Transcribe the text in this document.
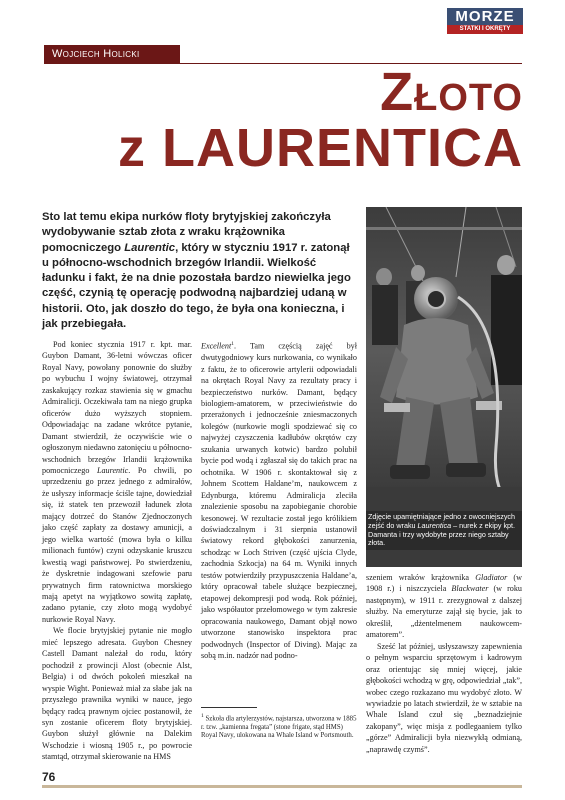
MORZE
STATKI I OKRĘTY
Wojciech Holicki
Złoto
z LAURENTICA
Sto lat temu ekipa nurków floty brytyjskiej zakończyła wydobywanie sztab złota z wraku krążownika pomocniczego Laurentic, który w styczniu 1917 r. zatonął u północno-wschodnich brzegów Irlandii. Wielkość ładunku i fakt, że na dnie pozostała bardzo niewielka jego część, czynią tę operację podwodną najbardziej udaną w historii. Oto, jak doszło do tego, że była ona konieczna, i jak przebiegała.
Zdjęcie upamiętniające jedno z owocniejszych zejść do wraku Laurentica – nurek z ekipy kpt. Damanta i trzy wydobyte przez niego sztaby złota.

Pod koniec stycznia 1917 r. kpt. mar. Guybon Damant, 36-letni wówczas oficer Royal Navy, powołany ponownie do służby po wybuchu I wojny światowej, otrzymał zaskakujący rozkaz stawienia się w gmachu Admiralicji. Oczekiwała tam na niego grupka oficerów dużo wyższych stopniem. Odpowiadając na zadane wkrótce pytanie, Damant stwierdził, że oczywiście wie o ogłoszonym niedawno zatonięciu u północno-wschodnich brzegów Irlandii krążownika pomocniczego Laurentic. Po chwili, po uprzedzeniu go przez jednego z admirałów, że usłyszy informacje ściśle tajne, dowiedział się, iż statek ten przewoził ładunek złota mający dotrzeć do Stanów Zjednoczonych jako część zapłaty za dostawy amunicji, a jego wielka wartość (mowa była o kilku milionach funtów) czyni odzyskanie kruszcu kwestią wagi państwowej. Po stwierdzeniu, że dyskretnie indagowani szefowie paru prywatnych firm ratownictwa morskiego mają apetyt na wyjątkowo sowitą zapłatę, zadano pytanie, czy złoto mogą wydobyć nurkowie Royal Navy.

We flocie brytyjskiej pytanie nie mogło mieć lepszego adresata. Guybon Chesney Castell Damant należał do rodu, który pochodził z prowincji Alost (obecnie Alst, Belgia) i od dwóch pokoleń mieszkał na wyspie Wight. Ponieważ miał za słabe jak na przyszłego prawnika wyniki w nauce, jego będący radcą prawnym ojciec postanowił, że syn zostanie oficerem floty brytyjskiej. Guybon służył głównie na Dalekim Wschodzie i wiosną 1905 r., po powrocie stamtąd, otrzymał skierowanie na HMS

Excellent$^1$. Tam częścią zajęć był dwutygodniowy kurs nurkowania, co wynikało z faktu, że to oficerowie artylerii odpowiadali na okrętach Royal Navy za rezultaty pracy i bezpieczeństwo nurków. Damant, będący biologiem-amatorem, w przeciwieństwie do przerażonych i jednocześnie zniesmaczonych kolegów (nurkowie mogli spodziewać się co najwyżej czyszczenia kadłubów okrętów czy szukania urwanych kotwic) bardzo polubił bycie pod wodą i zgłaszał się do takich prac na ochotnika. W 1906 r. skontaktował się z Johnem Scottem Haldane’m, naukowcem z Edynburga, któremu Admiralicja zleciła znalezienie sposobu na zapobieganie chorobie kesonowej. W rezultacie został jego królikiem doświadczalnym i 31 sierpnia ustanowił światowy rekord głębokości zanurzenia, schodząc w Loch Striven (część ujścia Clyde, zachodnia Szkocja) na 64 m. Wyniki innych testów potwierdziły przypuszczenia Haldane’a, który opracował tabele służące bezpiecznej, etapowej dekompresji pod wodą. Rok później, jako współautor przełomowego w tym zakresie opracowania naukowego, Damant objął nowo utworzone stanowisko inspektora prac podwodnych (Inspector of Diving). Mając za sobą m.in. nadzór nad podno-

$^1$ Szkoła dla artylerzystów, najstarsza, utworzona w 1885 r. tzw. „kamienna fregata” (stone frigate, stąd HMS) Royal Navy, ulokowana na Whale Island w Portsmouth.

szeniem wraków krążownika Gladiator (w 1908 r.) i niszczyciela Blackwater (w roku następnym), w 1911 r. zrezygnował z dalszej służby. Na emeryturze zajął się bycie, jak to określił, „dżentelmenem naukowcem-amatorem”.

Sześć lat później, usłyszawszy zapewnienia o pełnym wsparciu sprzętowym i kadrowym oraz orientując się mniej więcej, jakie głębokości wchodzą w grę, odpowiedział „tak”, wobec czego rozkazano mu wydobyć złoto. W wywiadzie po latach stwierdził, że w sztabie na Whale Island czuł się „beznadziejnie zakopany”, więc misja z podlegaaniem tylko „górze” Admiralicji była niezwykłą odmianą, „naprawdę czymś”.

76
